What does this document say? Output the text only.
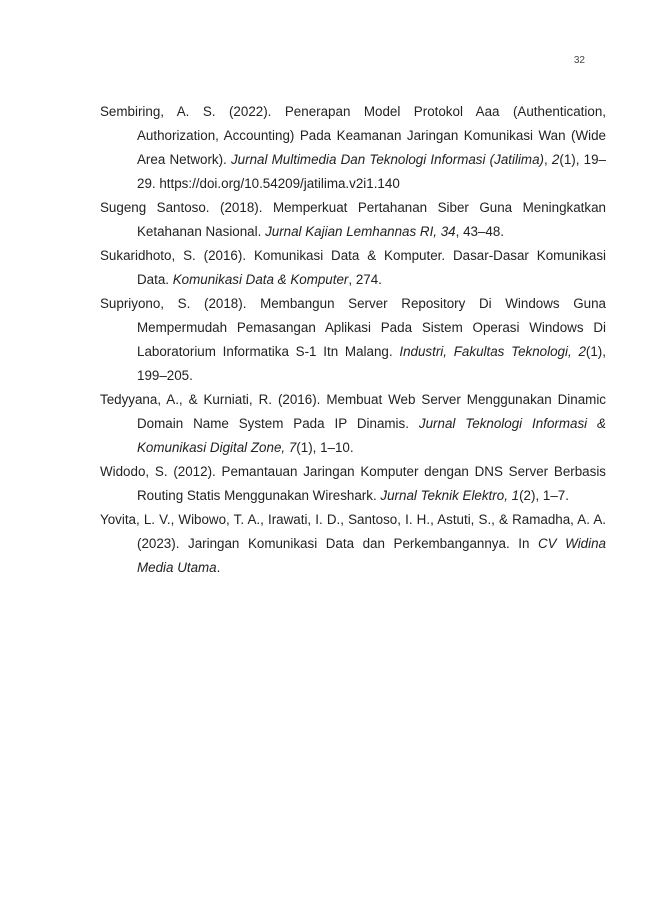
32

Sembiring, A. S. (2022). Penerapan Model Protokol Aaa (Authentication, Authorization, Accounting) Pada Keamanan Jaringan Komunikasi Wan (Wide Area Network). Jurnal Multimedia Dan Teknologi Informasi (Jatilima), 2(1), 19–29. https://doi.org/10.54209/jatilima.v2i1.140

Sugeng Santoso. (2018). Memperkuat Pertahanan Siber Guna Meningkatkan Ketahanan Nasional. Jurnal Kajian Lemhannas RI, 34, 43–48.

Sukaridhoto, S. (2016). Komunikasi Data & Komputer. Dasar-Dasar Komunikasi Data. Komunikasi Data & Komputer, 274.

Supriyono, S. (2018). Membangun Server Repository Di Windows Guna Mempermudah Pemasangan Aplikasi Pada Sistem Operasi Windows Di Laboratorium Informatika S-1 Itn Malang. Industri, Fakultas Teknologi, 2(1), 199–205.

Tedyyana, A., & Kurniati, R. (2016). Membuat Web Server Menggunakan Dinamic Domain Name System Pada IP Dinamis. Jurnal Teknologi Informasi & Komunikasi Digital Zone, 7(1), 1–10.

Widodo, S. (2012). Pemantauan Jaringan Komputer dengan DNS Server Berbasis Routing Statis Menggunakan Wireshark. Jurnal Teknik Elektro, 1(2), 1–7.

Yovita, L. V., Wibowo, T. A., Irawati, I. D., Santoso, I. H., Astuti, S., & Ramadha, A. A. (2023). Jaringan Komunikasi Data dan Perkembangannya. In CV Widina Media Utama.
